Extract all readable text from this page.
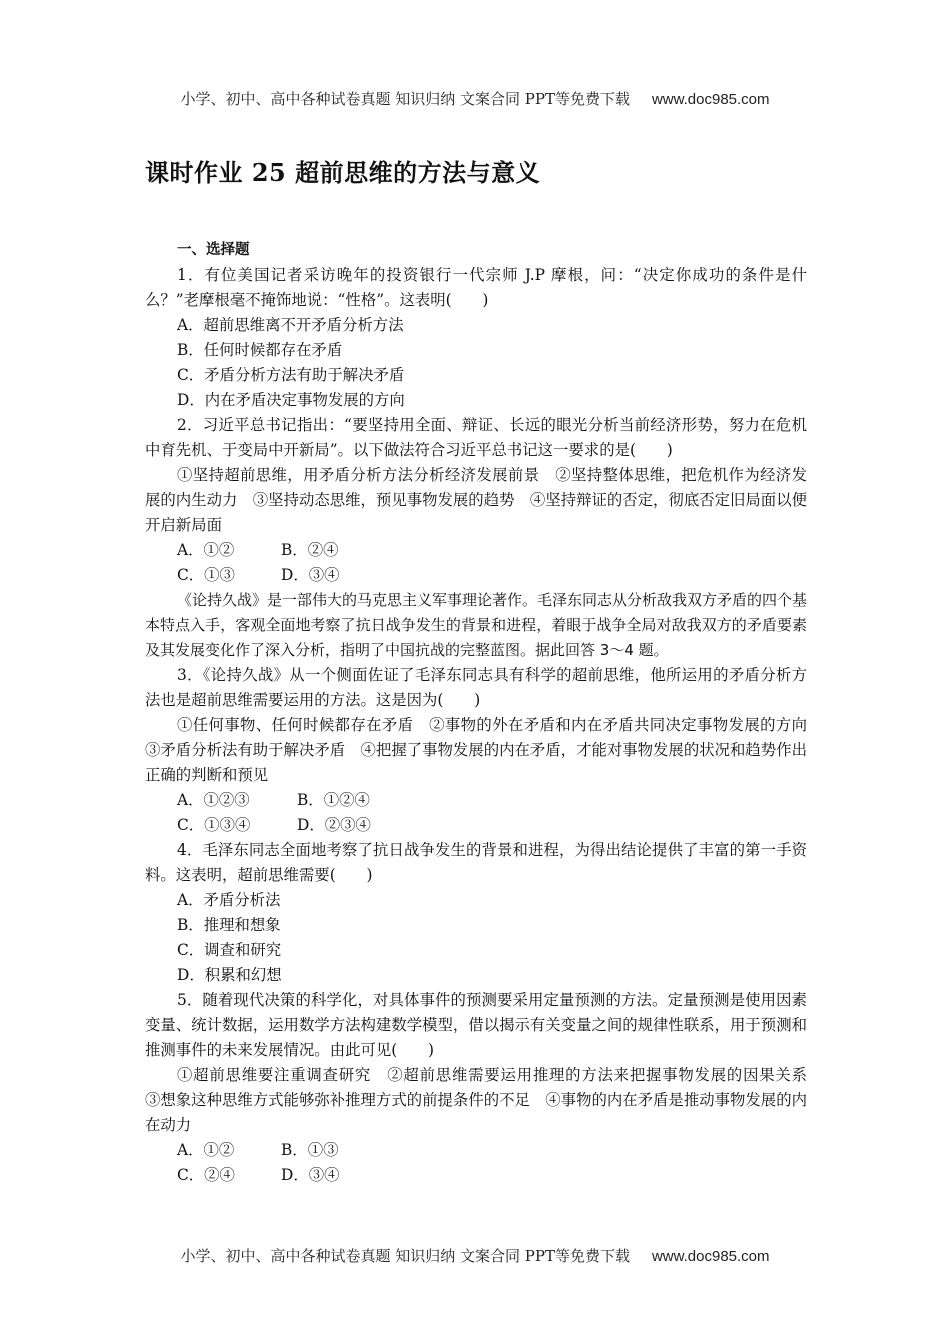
小学、初中、高中各种试卷真题 知识归纳 文案合同 PPT等免费下载 www.doc985.com
课时作业 25 超前思维的方法与意义

一、选择题

1．有位美国记者采访晚年的投资银行一代宗师 J.P 摩根，问：“决定你成功的条件是什么？”老摩根毫不掩饰地说：“性格”。这表明(　　)

A．超前思维离不开矛盾分析方法

B．任何时候都存在矛盾

C．矛盾分析方法有助于解决矛盾

D．内在矛盾决定事物发展的方向

2．习近平总书记指出：“要坚持用全面、辩证、长远的眼光分析当前经济形势，努力在危机中育先机、于变局中开新局”。以下做法符合习近平总书记这一要求的是(　　)

①坚持超前思维，用矛盾分析方法分析经济发展前景　②坚持整体思维，把危机作为经济发展的内生动力　③坚持动态思维，预见事物发展的趋势　④坚持辩证的否定，彻底否定旧局面以便开启新局面

A．①②	B．②④

C．①③	D．③④

《论持久战》是一部伟大的马克思主义军事理论著作。毛泽东同志从分析敌我双方矛盾的四个基本特点入手，客观全面地考察了抗日战争发生的背景和进程，着眼于战争全局对敌我双方的矛盾要素及其发展变化作了深入分析，指明了中国抗战的完整蓝图。据此回答 3～4 题。

3．《论持久战》从一个侧面佐证了毛泽东同志具有科学的超前思维，他所运用的矛盾分析方法也是超前思维需要运用的方法。这是因为(　　)

①任何事物、任何时候都存在矛盾　②事物的外在矛盾和内在矛盾共同决定事物发展的方向　③矛盾分析法有助于解决矛盾　④把握了事物发展的内在矛盾，才能对事物发展的状况和趋势作出正确的判断和预见

A．①②③	B．①②④

C．①③④	D．②③④

4．毛泽东同志全面地考察了抗日战争发生的背景和进程，为得出结论提供了丰富的第一手资料。这表明，超前思维需要(　　)

A．矛盾分析法

B．推理和想象

C．调查和研究

D．积累和幻想

5．随着现代决策的科学化，对具体事件的预测要采用定量预测的方法。定量预测是使用因素变量、统计数据，运用数学方法构建数学模型，借以揭示有关变量之间的规律性联系，用于预测和推测事件的未来发展情况。由此可见(　　)

①超前思维要注重调查研究　②超前思维需要运用推理的方法来把握事物发展的因果关系　③想象这种思维方式能够弥补推理方式的前提条件的不足　④事物的内在矛盾是推动事物发展的内在动力

A．①②	B．①③

C．②④	D．③④

小学、初中、高中各种试卷真题 知识归纳 文案合同 PPT等免费下载 www.doc985.com
